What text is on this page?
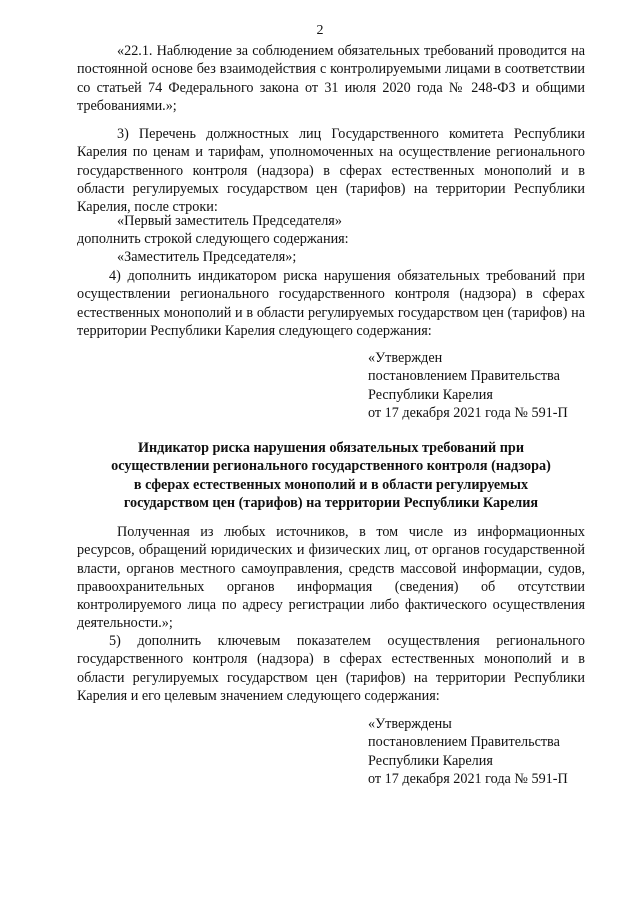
2

«22.1. Наблюдение за соблюдением обязательных требований проводится на постоянной основе без взаимодействия с контролируемыми лицами в соответствии со статьей 74 Федерального закона от 31 июля 2020 года № 248-ФЗ и общими требованиями.»;

3) Перечень должностных лиц Государственного комитета Республики Карелия по ценам и тарифам, уполномоченных на осуществление регионального государственного контроля (надзора) в сферах естественных монополий и в области регулируемых государством цен (тарифов) на территории Республики Карелия, после строки:

«Первый заместитель Председателя»

дополнить строкой следующего содержания:

«Заместитель Председателя»;

4) дополнить индикатором риска нарушения обязательных требований при осуществлении регионального государственного контроля (надзора) в сферах естественных монополий и в области регулируемых государством цен (тарифов) на территории Республики Карелия следующего содержания:

«Утвержден

постановлением Правительства

Республики Карелия

от 17 декабря 2021 года № 591-П

Индикатор риска нарушения обязательных требований при

осуществлении регионального государственного контроля (надзора)

в сферах естественных монополий и в области регулируемых

государством цен (тарифов) на территории Республики Карелия

Полученная из любых источников, в том числе из информационных ресурсов, обращений юридических и физических лиц, от органов государственной власти, органов местного самоуправления, средств массовой информации, судов, правоохранительных органов информация (сведения) об отсутствии контролируемого лица по адресу регистрации либо фактического осуществления деятельности.»;

5) дополнить ключевым показателем осуществления регионального государственного контроля (надзора) в сферах естественных монополий и в области регулируемых государством цен (тарифов) на территории Республики Карелия и его целевым значением следующего содержания:

«Утверждены

постановлением Правительства

Республики Карелия

от 17 декабря 2021 года № 591-П
